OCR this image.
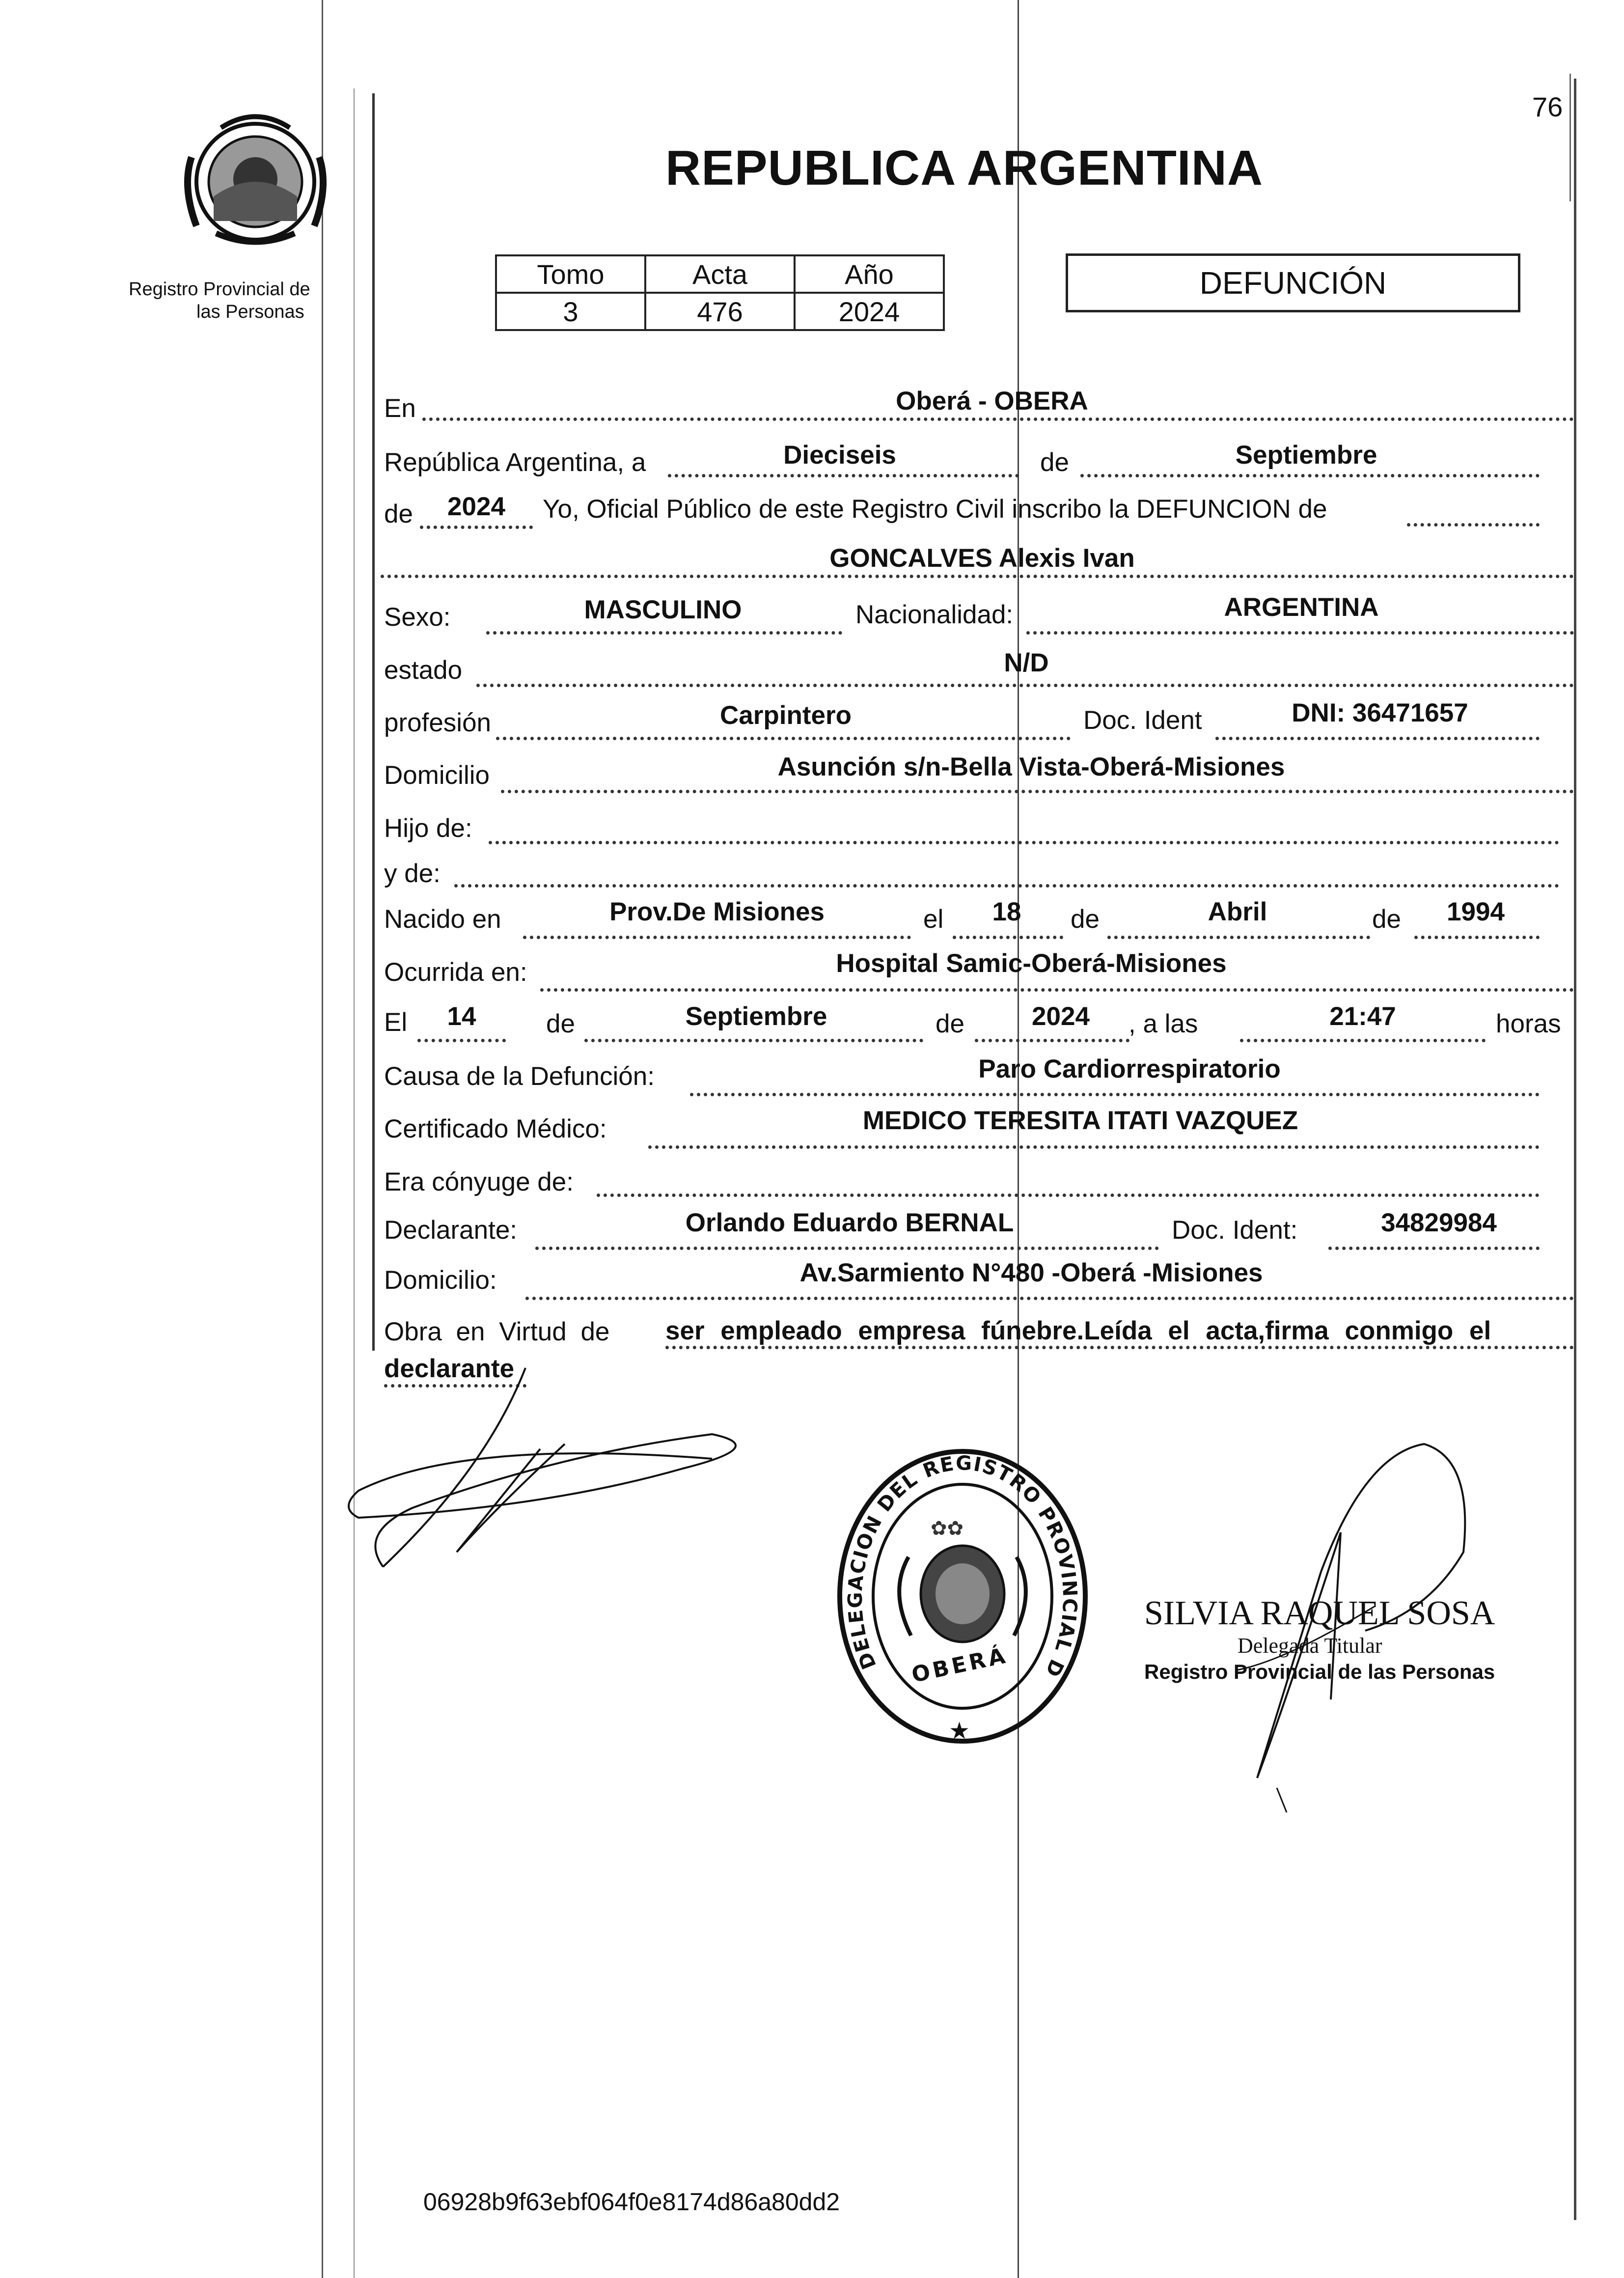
76
Registro Provincial de
las Personas
REPUBLICA ARGENTINA
Tomo	Acta	Año
3	476	2024
DEFUNCIÓN
En	Oberá - OBERA
República Argentina, a	Dieciseis	de	Septiembre
de	2024	Yo, Oficial Público de este Registro Civil inscribo la DEFUNCION de
GONCALVES Alexis Ivan
Sexo:	MASCULINO	Nacionalidad:	ARGENTINA
estado	N/D
profesión	Carpintero	Doc. Ident	DNI: 36471657
Domicilio	Asunción s/n-Bella Vista-Oberá-Misiones
Hijo de:
y de:
Nacido en	Prov.De Misiones	el	18	de	Abril	de	1994
Ocurrida en:	Hospital Samic-Oberá-Misiones
El	14	de	Septiembre	de	2024	, a las	21:47	horas
Causa de la Defunción:	Paro Cardiorrespiratorio
Certificado Médico:	MEDICO TERESITA ITATI VAZQUEZ
Era cónyuge de:
Declarante:	Orlando Eduardo BERNAL	Doc. Ident:	34829984
Domicilio:	Av.Sarmiento N°480 -Oberá -Misiones
Obra en Virtud de ser empleado empresa fúnebre.Leída el acta,firma conmigo el
declarante
DELEGACION DEL REGISTRO PROVINCIAL D
✿✿
★
OBERÁ
SILVIA RAQUEL SOSA
Delegada Titular
Registro Provincial de las Personas
06928b9f63ebf064f0e8174d86a80dd2
